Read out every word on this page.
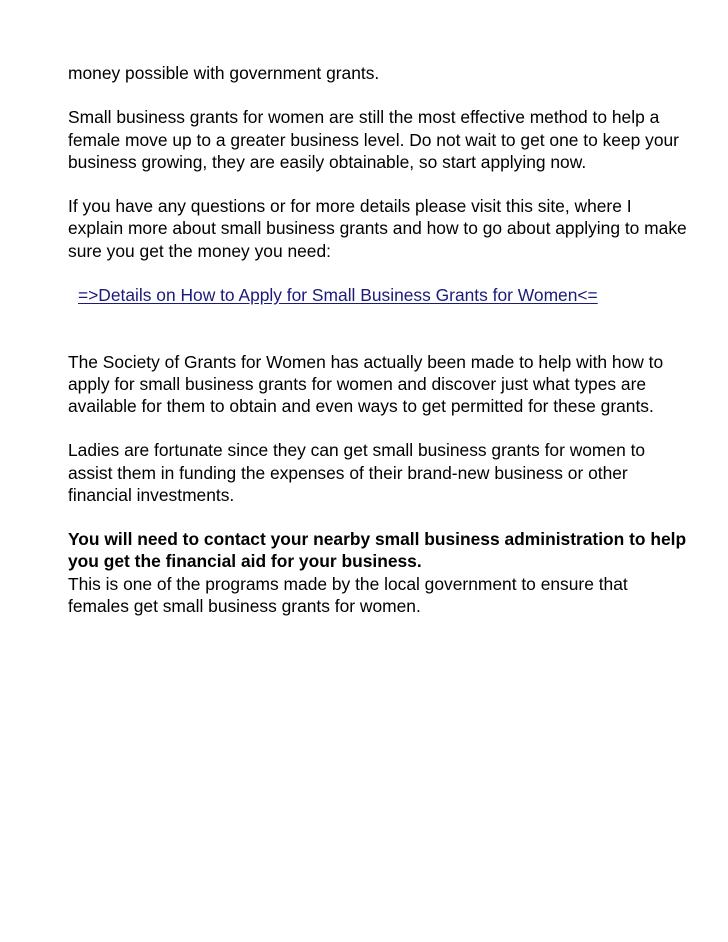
money possible with government grants.

Small business grants for women are still the most effective method to help a female move up to a greater business level. Do not wait to get one to keep your business growing, they are easily obtainable, so start applying now.

If you have any questions or for more details please visit this site, where I explain more about small business grants and how to go about applying to make sure you get the money you need:

=>Details on How to Apply for Small Business Grants for Women<=

The Society of Grants for Women has actually been made to help with how to apply for small business grants for women and discover just what types are available for them to obtain and even ways to get permitted for these grants.

Ladies are fortunate since they can get small business grants for women to assist them in funding the expenses of their brand-new business or other financial investments.

You will need to contact your nearby small business administration to help you get the financial aid for your business.
This is one of the programs made by the local government to ensure that females get small business grants for women.
